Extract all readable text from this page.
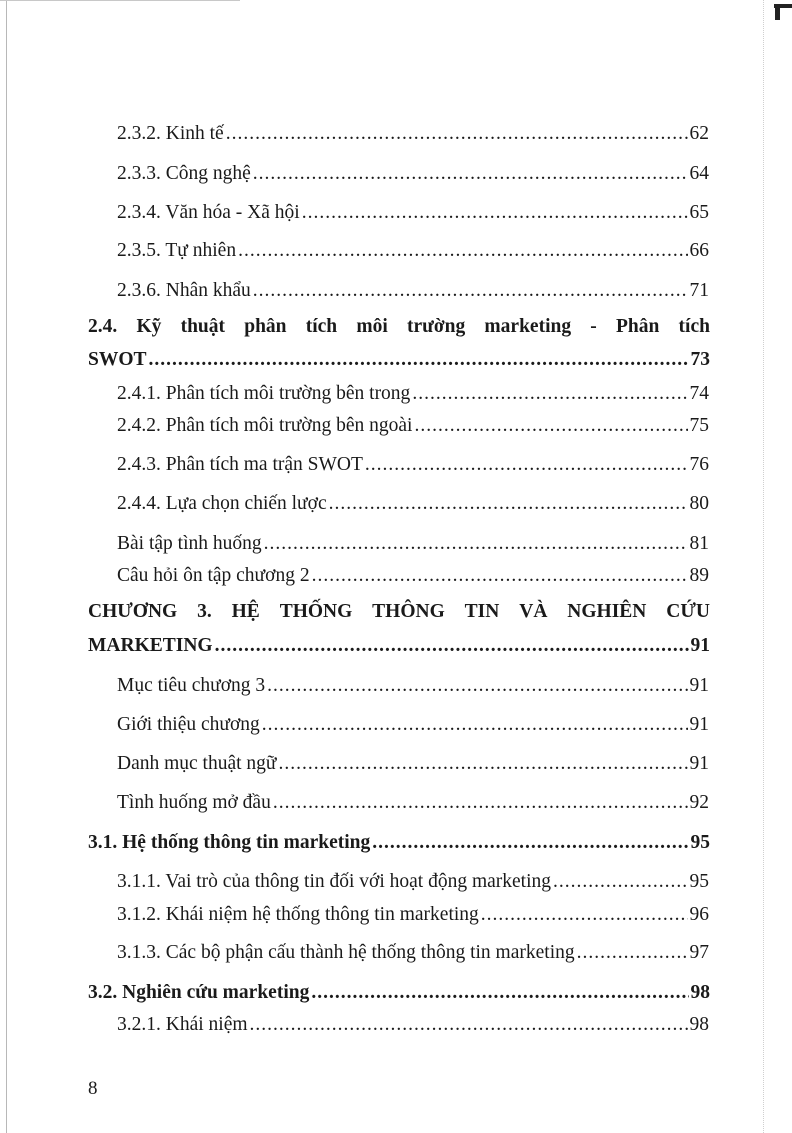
2.3.2. Kinh tế .....	62
2.3.3. Công nghệ .....	64
2.3.4. Văn hóa - Xã hội .....	65
2.3.5. Tự nhiên .....	66
2.3.6. Nhân khẩu .....	71
2.4. Kỹ thuật phân tích môi trường marketing - Phân tích
SWOT .....	73
2.4.1. Phân tích môi trường bên trong .....	74
2.4.2. Phân tích môi trường bên ngoài .....	75
2.4.3. Phân tích ma trận SWOT .....	76
2.4.4. Lựa chọn chiến lược .....	80
Bài tập tình huống .....	81
Câu hỏi ôn tập chương 2 .....	89
CHƯƠNG 3. HỆ THỐNG THÔNG TIN VÀ NGHIÊN CỨU
MARKETING .....	91
Mục tiêu chương 3 .....	91
Giới thiệu chương .....	91
Danh mục thuật ngữ .....	91
Tình huống mở đầu .....	92
3.1. Hệ thống thông tin marketing .....	95
3.1.1. Vai trò của thông tin đối với hoạt động marketing .....	95
3.1.2. Khái niệm hệ thống thông tin marketing .....	96
3.1.3. Các bộ phận cấu thành hệ thống thông tin marketing .....	97
3.2. Nghiên cứu marketing .....	98
3.2.1. Khái niệm .....	98
8
